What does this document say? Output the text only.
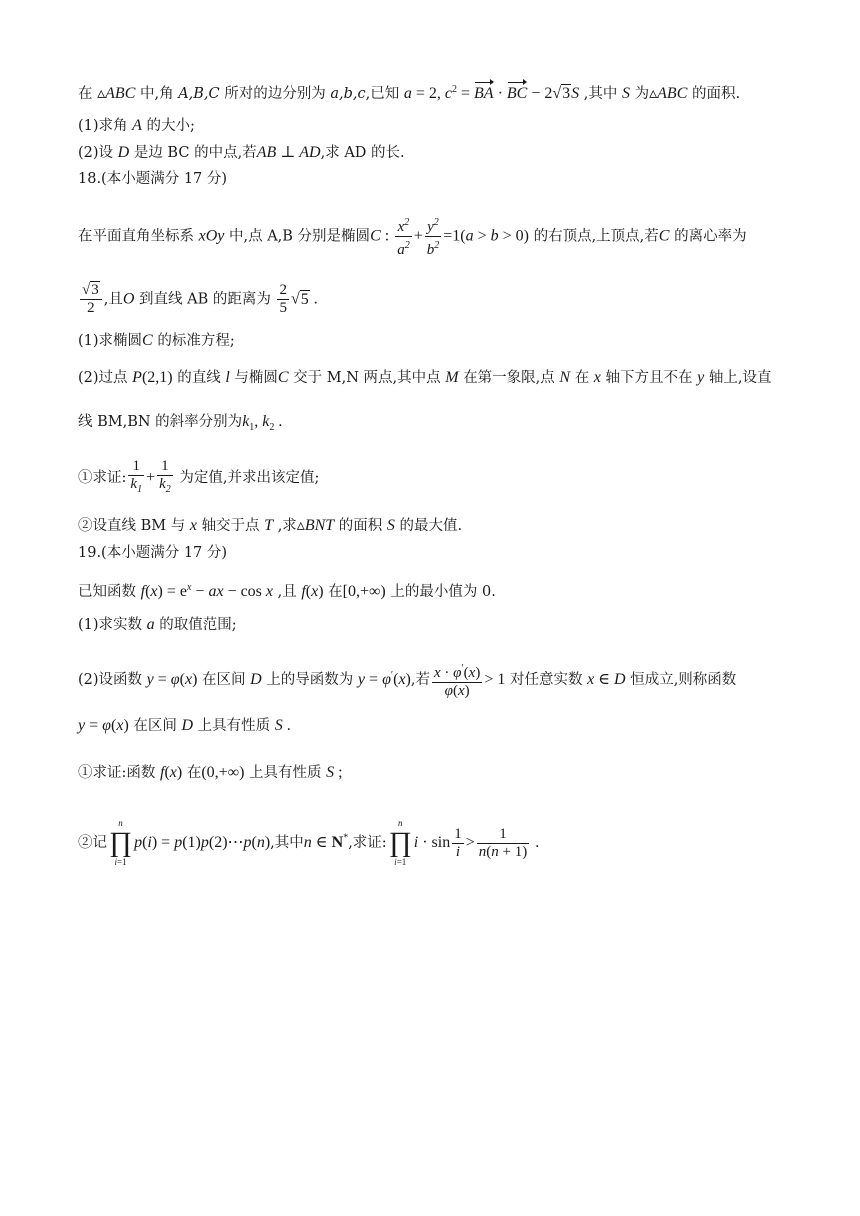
在 ▵ABC 中,角 A,B,C 所对的边分别为 a,b,c,已知 a = 2, $c^2$ = BA · BC − 2√3S ,其中 S 为▵ABC 的面积.
(1)求角 A 的大小;
(2)设 D 是边 BC 的中点,若AB ⊥ AD,求 AD 的长.
18.(本小题满分 17 分)
在平面直角坐标系 xOy 中,点 A,B 分别是椭圆C : $\frac{x^2}{a^2} + \frac{y^2}{b^2} =1(a > b > 0)$ 的右顶点,上顶点,若C 的离心率为
$\frac{√3}{2}$ ,且O 到直线 AB 的距离为 $\frac{2}{5} √5$ .
(1)求椭圆C 的标准方程;
(2)过点 P(2,1) 的直线 l 与椭圆C 交于 M,N 两点,其中点 M 在第一象限,点 N 在 x 轴下方且不在 y 轴上,设直
线 BM,BN 的斜率分别为$k_1$, $k_2$ .
①求证: $\frac{1}{k_1} + \frac{1}{k_2}$ 为定值,并求出该定值;
②设直线 BM 与 x 轴交于点 T ,求▵BNT 的面积 S 的最大值.
19.(本小题满分 17 分)
已知函数 $f(x) = e^x$ − ax − cos x ,且 f(x) 在[0,+∞) 上的最小值为 0.
(1)求实数 a 的取值范围;
(2)设函数 y = φ(x) 在区间 D 上的导函数为 y = φ′(x),若 $\frac{x \cdot \varphi'(x)}{\varphi(x)} > 1$ 对任意实数 x ∈ D 恒成立,则称函数
y = φ(x) 在区间 D 上具有性质 S .
①求证:函数 f(x) 在(0,+∞) 上具有性质 S ;
②记
n
∏
i=1
p(i) = p(1)p(2)⋯p(n),其中n ∈ N*,求证:
n
∏
i=1
$i \cdot \sin \frac{1}{i} > \frac{1}{n(n + 1)}$ .
